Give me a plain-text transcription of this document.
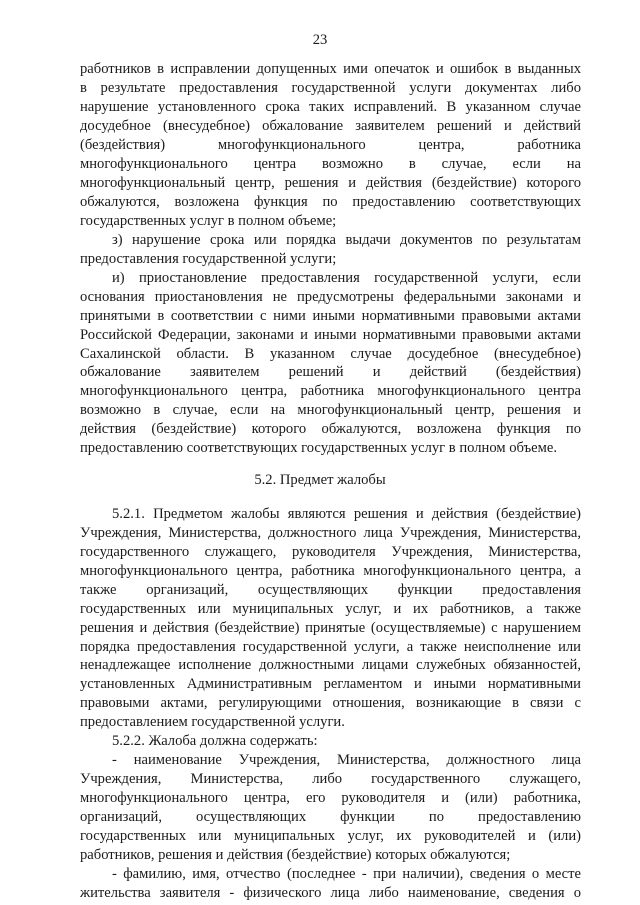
23
работников в исправлении допущенных ими опечаток и ошибок в выданных
в результате предоставления государственной услуги документах либо
нарушение установленного срока таких исправлений. В указанном случае
досудебное (внесудебное) обжалование заявителем решений и действий
(бездействия) многофункционального центра, работника
многофункционального центра возможно в случае, если на
многофункциональный центр, решения и действия (бездействие) которого
обжалуются, возложена функция по предоставлению соответствующих
государственных услуг в полном объеме;
з) нарушение срока или порядка выдачи документов по результатам
предоставления государственной услуги;
и) приостановление предоставления государственной услуги, если
основания приостановления не предусмотрены федеральными законами и
принятыми в соответствии с ними иными нормативными правовыми актами
Российской Федерации, законами и иными нормативными правовыми актами
Сахалинской области. В указанном случае досудебное (внесудебное)
обжалование заявителем решений и действий (бездействия)
многофункционального центра, работника многофункционального центра
возможно в случае, если на многофункциональный центр, решения и
действия (бездействие) которого обжалуются, возложена функция по
предоставлению соответствующих государственных услуг в полном объеме.
5.2. Предмет жалобы
5.2.1. Предметом жалобы являются решения и действия (бездействие)
Учреждения, Министерства, должностного лица Учреждения, Министерства,
государственного служащего, руководителя Учреждения, Министерства,
многофункционального центра, работника многофункционального центра, а
также организаций, осуществляющих функции предоставления
государственных или муниципальных услуг, и их работников, а также
решения и действия (бездействие) принятые (осуществляемые) с нарушением
порядка предоставления государственной услуги, а также неисполнение или
ненадлежащее исполнение должностными лицами служебных обязанностей,
установленных Административным регламентом и иными нормативными
правовыми актами, регулирующими отношения, возникающие в связи с
предоставлением государственной услуги.
5.2.2. Жалоба должна содержать:
- наименование Учреждения, Министерства, должностного лица
Учреждения, Министерства, либо государственного служащего,
многофункционального центра, его руководителя и (или) работника,
организаций, осуществляющих функции по предоставлению
государственных или муниципальных услуг, их руководителей и (или)
работников, решения и действия (бездействие) которых обжалуются;
- фамилию, имя, отчество (последнее - при наличии), сведения о месте
жительства заявителя - физического лица либо наименование, сведения о
